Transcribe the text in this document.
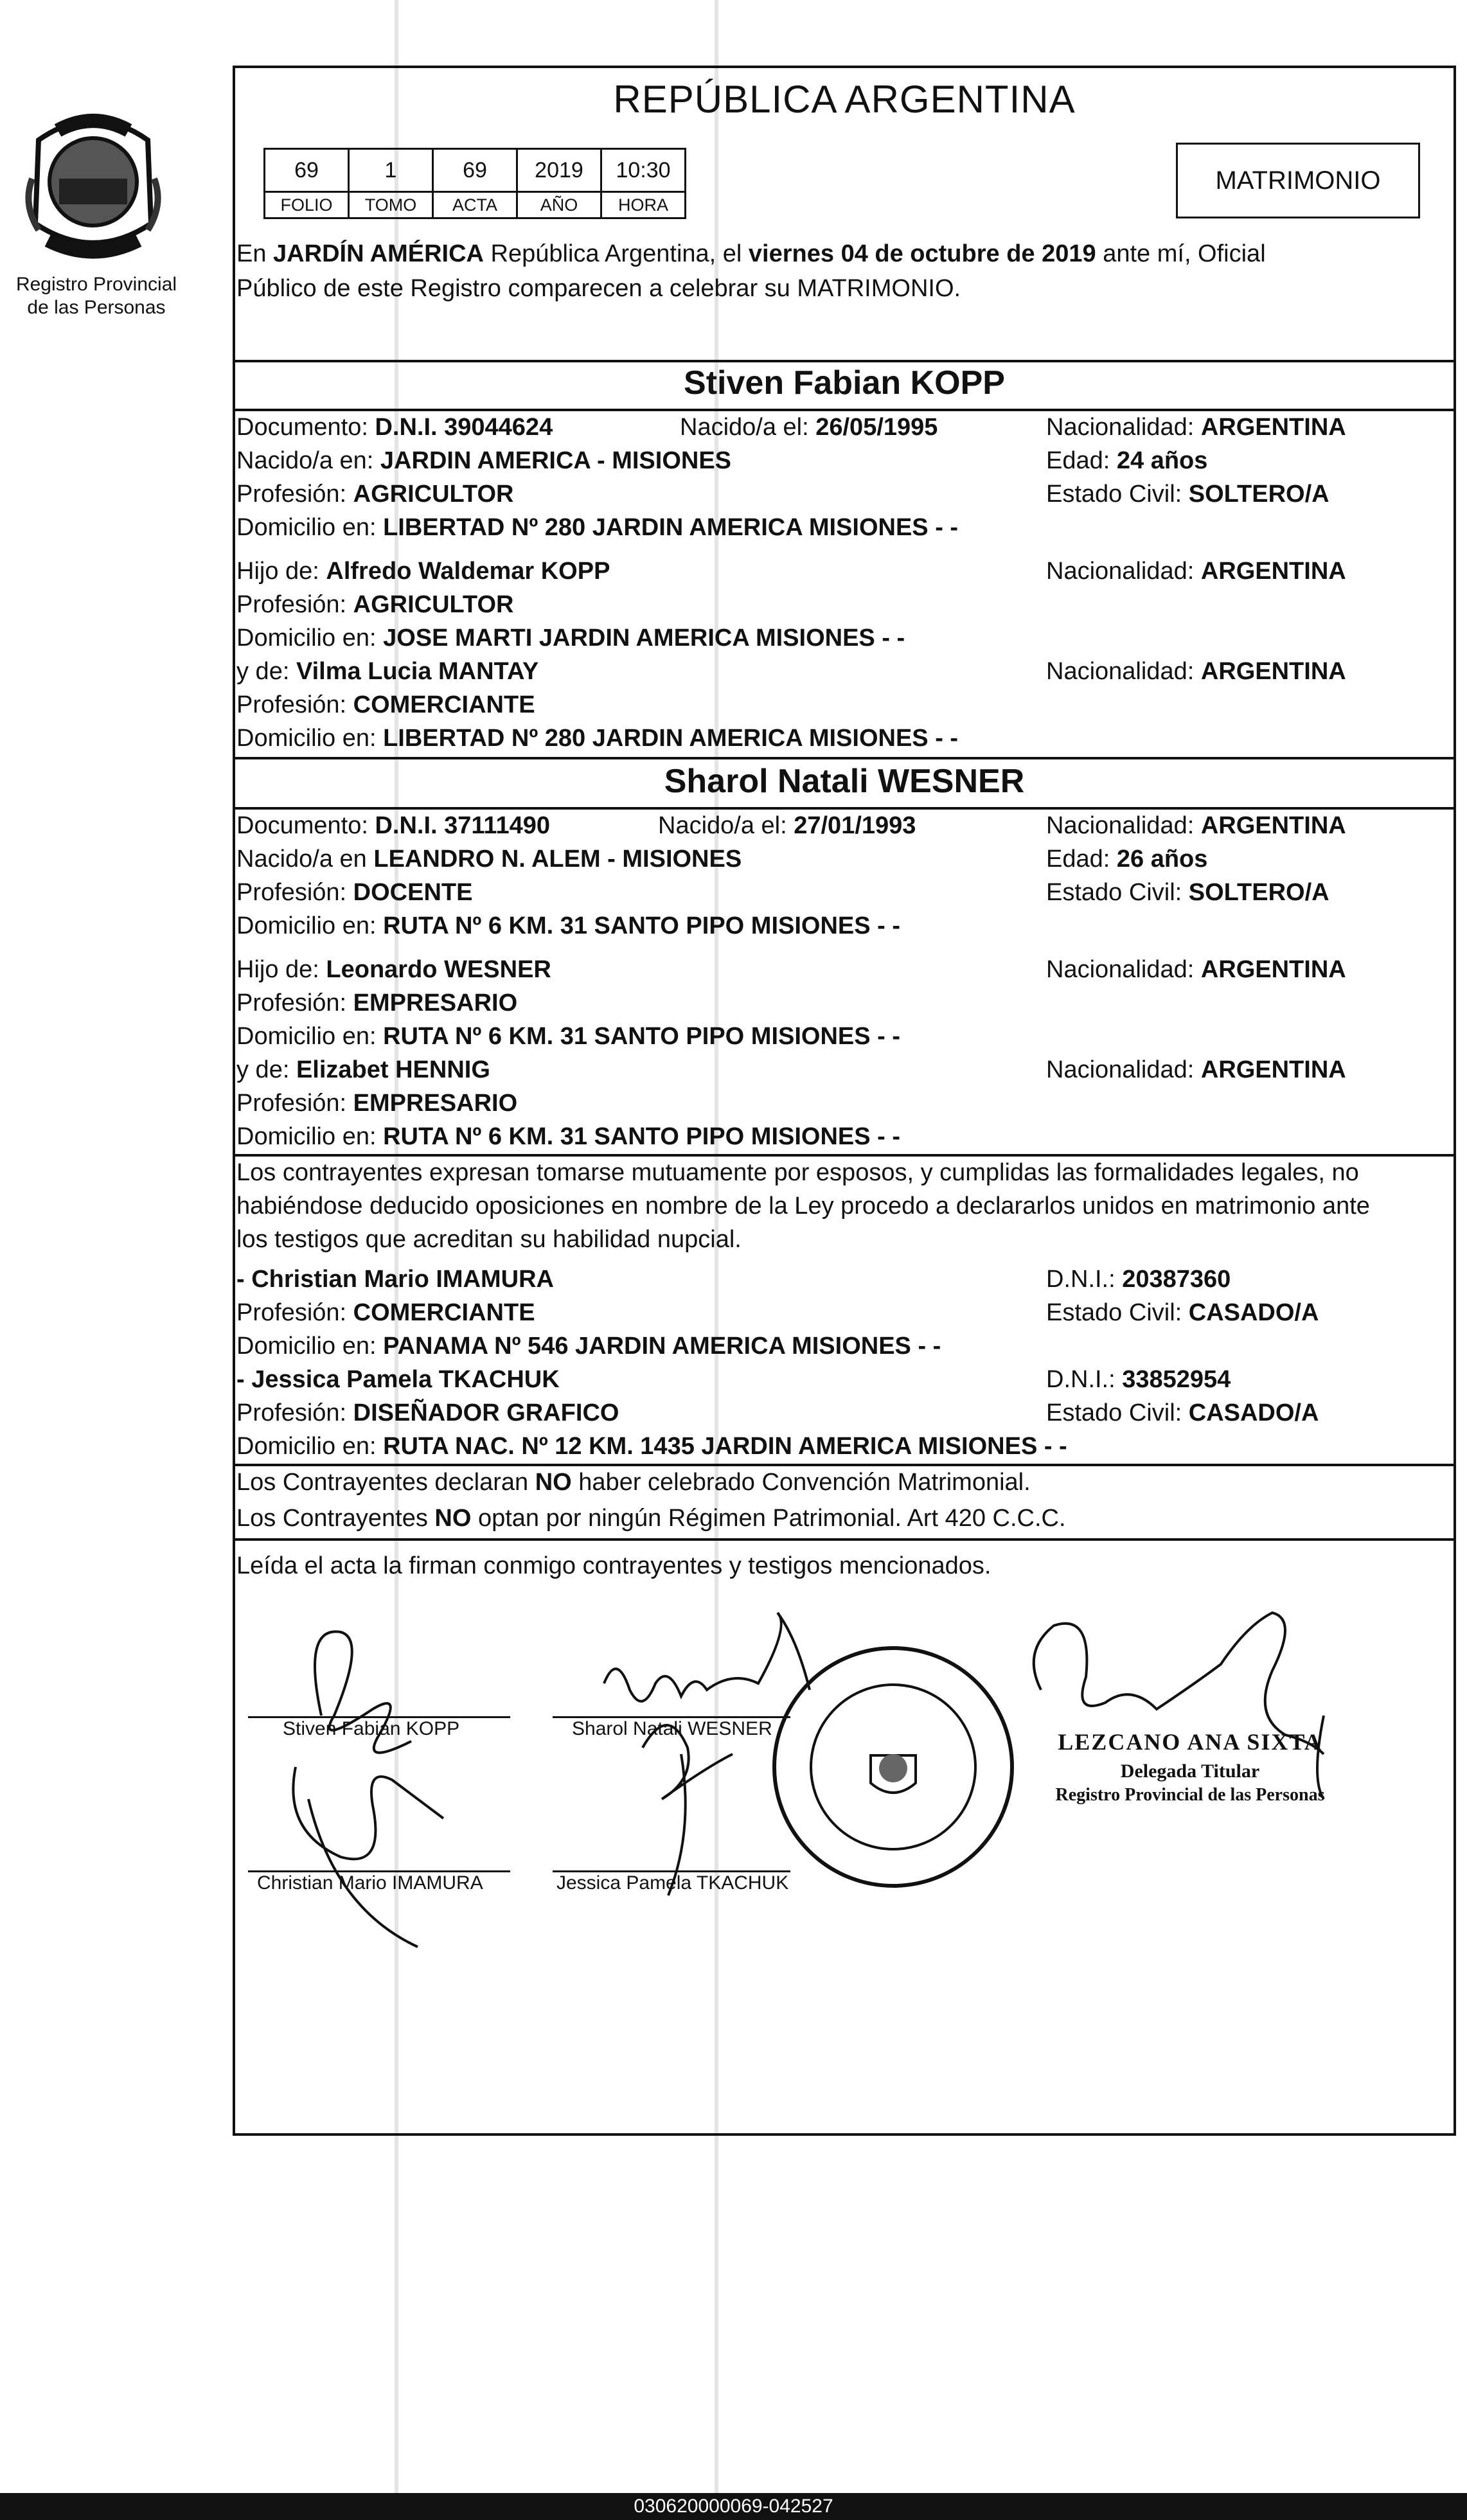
Registro Provincial
de las Personas
REPÚBLICA ARGENTINA
69	1	69	2019	10:30
FOLIO	TOMO	ACTA	AÑO	HORA
MATRIMONIO
En JARDÍN AMÉRICA República Argentina, el viernes 04 de octubre de 2019 ante mí, Oficial
Público de este Registro comparecen a celebrar su MATRIMONIO.
Stiven Fabian KOPP
Documento: D.N.I. 39044624	Nacido/a el: 26/05/1995	Nacionalidad: ARGENTINA
Nacido/a en: JARDIN AMERICA - MISIONES	Edad: 24 años
Profesión: AGRICULTOR	Estado Civil: SOLTERO/A
Domicilio en: LIBERTAD Nº 280 JARDIN AMERICA MISIONES - -
Hijo de: Alfredo Waldemar KOPP	Nacionalidad: ARGENTINA
Profesión: AGRICULTOR
Domicilio en: JOSE MARTI JARDIN AMERICA MISIONES - -
y de: Vilma Lucia MANTAY	Nacionalidad: ARGENTINA
Profesión: COMERCIANTE
Domicilio en: LIBERTAD Nº 280 JARDIN AMERICA MISIONES - -
Sharol Natali WESNER
Documento: D.N.I. 37111490	Nacido/a el: 27/01/1993	Nacionalidad: ARGENTINA
Nacido/a en LEANDRO N. ALEM - MISIONES	Edad: 26 años
Profesión: DOCENTE	Estado Civil: SOLTERO/A
Domicilio en: RUTA Nº 6 KM. 31 SANTO PIPO MISIONES - -
Hijo de: Leonardo WESNER	Nacionalidad: ARGENTINA
Profesión: EMPRESARIO
Domicilio en: RUTA Nº 6 KM. 31 SANTO PIPO MISIONES - -
y de: Elizabet HENNIG	Nacionalidad: ARGENTINA
Profesión: EMPRESARIO
Domicilio en: RUTA Nº 6 KM. 31 SANTO PIPO MISIONES - -
Los contrayentes expresan tomarse mutuamente por esposos, y cumplidas las formalidades legales, no
habiéndose deducido oposiciones en nombre de la Ley procedo a declararlos unidos en matrimonio ante
los testigos que acreditan su habilidad nupcial.
- Christian Mario IMAMURA	D.N.I.: 20387360
Profesión: COMERCIANTE	Estado Civil: CASADO/A
Domicilio en: PANAMA Nº 546 JARDIN AMERICA MISIONES - -
- Jessica Pamela TKACHUK	D.N.I.: 33852954
Profesión: DISEÑADOR GRAFICO	Estado Civil: CASADO/A
Domicilio en: RUTA NAC. Nº 12 KM. 1435 JARDIN AMERICA MISIONES - -
Los Contrayentes declaran NO haber celebrado Convención Matrimonial.
Los Contrayentes NO optan por ningún Régimen Patrimonial. Art 420 C.C.C.
Leída el acta la firman conmigo contrayentes y testigos mencionados.
Stiven Fabian KOPP	Sharol Natali WESNER
Christian Mario IMAMURA	Jessica Pamela TKACHUK
LEZCANO ANA SIXTA
Delegada Titular
Registro Provincial de las Personas
030620000069-042527
